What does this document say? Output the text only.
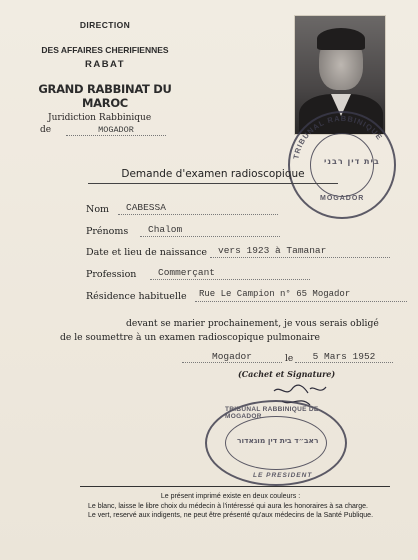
DIRECTION
DES AFFAIRES CHERIFIENNES
RABAT
GRAND RABBINAT DU MAROC
Juridiction Rabbinique
de	MOGADOR
TRIBUNAL RABBINIQUE
MOGADOR
בית דין רבני
Demande d'examen radioscopique
Nom	CABESSA
Prénoms	Chalom
Date et lieu de naissance	vers 1923 à Tamanar
Profession	Commerçant
Résidence habituelle	Rue Le Campion n° 65 Mogador
devant se marier prochainement, je vous serais obligé
de le soumettre à un examen radioscopique pulmonaire
Mogador	le	5 Mars 1952
(Cachet et Signature)
TRIBUNAL RABBINIQUE DE MOGADOR
ראב״ד בית דין מוגאדור
LE PRESIDENT
Le présent imprimé existe en deux couleurs :
Le blanc, laisse le libre choix du médecin à l'intéressé qui aura les honoraires à sa charge.
Le vert, reservé aux indigents, ne peut être présenté qu'aux médecins de la Santé Publique.
